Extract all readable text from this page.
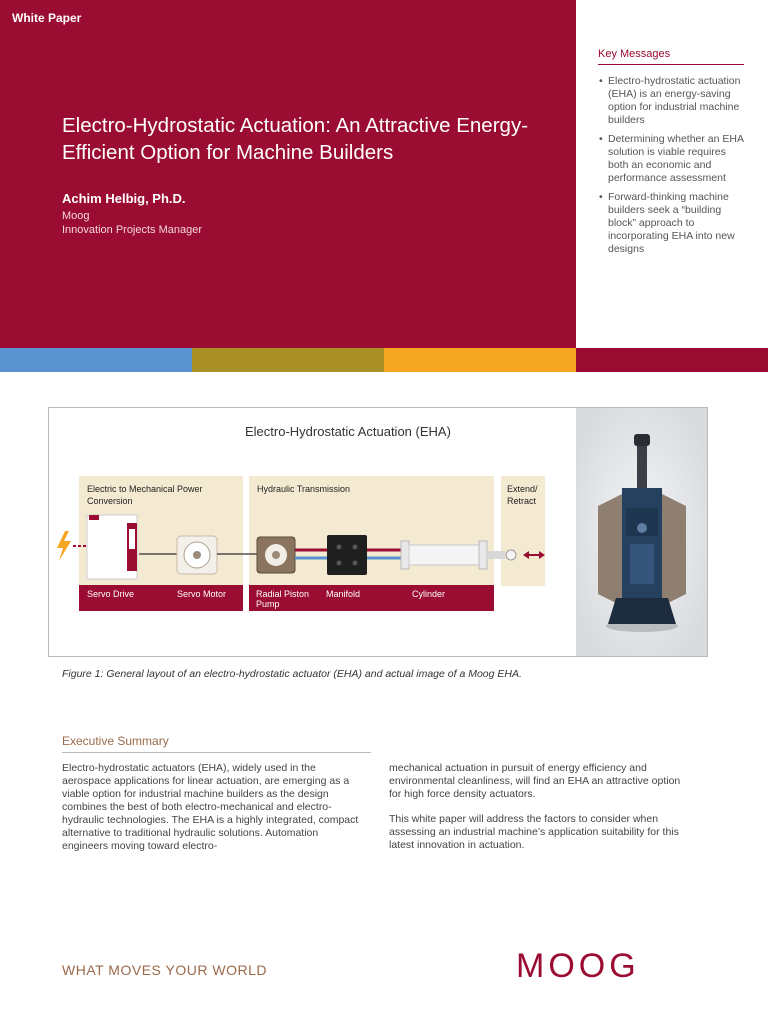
White Paper
Electro-Hydrostatic Actuation: An Attractive Energy-Efficient Option for Machine Builders
Achim Helbig, Ph.D.
Moog
Innovation Projects Manager
Key Messages
• Electro-hydrostatic actuation (EHA) is an energy-saving option for industrial machine builders
• Determining whether an EHA solution is viable requires both an economic and performance assessment
• Forward-thinking machine builders seek a “building block” approach to incorporating EHA into new designs
Electro-Hydrostatic Actuation (EHA)
Electric to Mechanical Power Conversion
Hydraulic Transmission	Extend/ Retract
Servo Drive	Servo Motor	Radial Piston Pump
Manifold	Cylinder
Figure 1: General layout of an electro-hydrostatic actuator (EHA) and actual image of a Moog EHA.
Executive Summary

Electro-hydrostatic actuators (EHA), widely used in the aerospace applications for linear actuation, are emerging as a viable option for industrial machine builders as the design combines the best of both electro-mechanical and electro-hydraulic technologies. The EHA is a highly integrated, compact alternative to traditional hydraulic solutions. Automation engineers moving toward electro-

mechanical actuation in pursuit of energy efficiency and environmental cleanliness, will find an EHA an attractive option for high force density actuators.

This white paper will address the factors to consider when assessing an industrial machine’s application suitability for this latest innovation in actuation.

WHAT MOVES YOUR WORLD	MOOG
